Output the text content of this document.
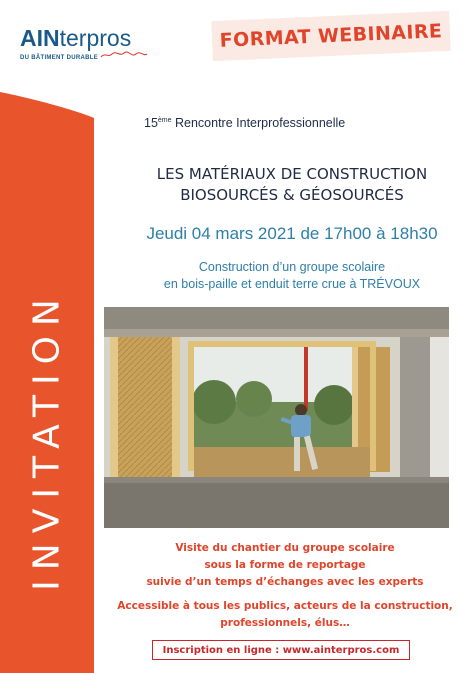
INVITATION
AINterpros
DU BÂTIMENT DURABLE
FORMAT WEBINAIRE
15ème Rencontre Interprofessionnelle
LES MATÉRIAUX DE CONSTRUCTION
BIOSOURCÉS & GÉOSOURCÉS
Jeudi 04 mars 2021 de 17h00 à 18h30
Construction d’un groupe scolaire
en bois-paille et enduit terre crue à TRÉVOUX
Visite du chantier du groupe scolaire
sous la forme de reportage
suivie d’un temps d’échanges avec les experts
Accessible à tous les publics, acteurs de la construction,
professionnels, élus…
Inscription en ligne : www.ainterpros.com
